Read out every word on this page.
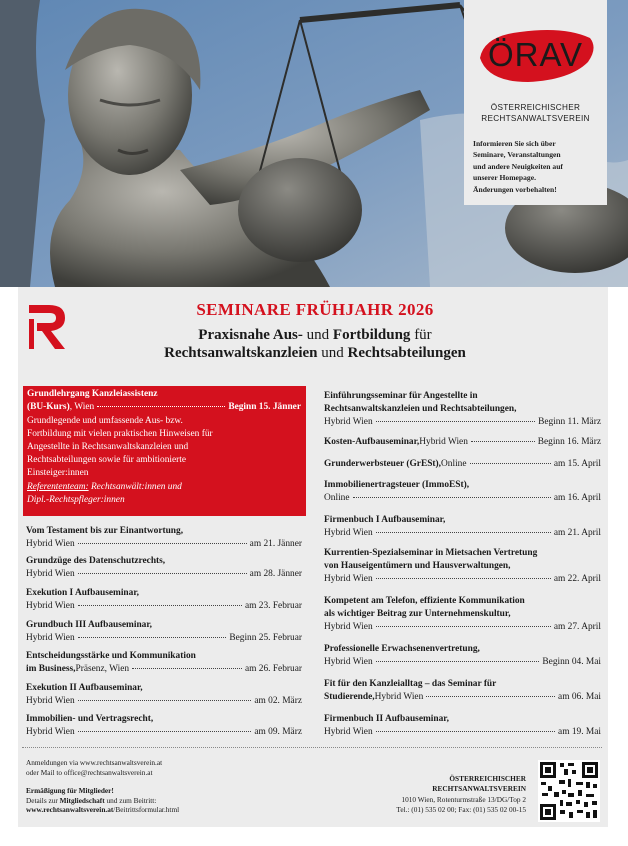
ÖRAV
ÖSTERREICHISCHER
RECHTSANWALTSVEREIN
Informieren Sie sich über
Seminare, Veranstaltungen
und andere Neuigkeiten auf
unserer Homepage.
Änderungen vorbehalten!
SEMINARE FRÜHJAHR 2026
Praxisnahe Aus- und Fortbildung für
Rechtsanwaltskanzleien und Rechtsabteilungen
Grundlehrgang Kanzleiassistenz
(BU-Kurs) , Wien	Beginn 15. Jänner
Grundlegende und umfassende Aus- bzw.
Fortbildung mit vielen praktischen Hinweisen für
Angestellte in Rechtsanwaltskanzleien und
Rechtsabteilungen sowie für ambitionierte
Einsteiger:innen
Referententeam: Rechtsanwält:innen und
Dipl.-Rechtspfleger:innen
Vom Testament bis zur Einantwortung,
Hybrid Wien	am 21. Jänner
Grundzüge des Datenschutzrechts,
Hybrid Wien	am 28. Jänner
Exekution I Aufbauseminar,
Hybrid Wien	am 23. Februar
Grundbuch III Aufbauseminar,
Hybrid Wien	Beginn 25. Februar
Entscheidungsstärke und Kommunikation
im Business, Präsenz, Wien	am 26. Februar
Exekution II Aufbauseminar,
Hybrid Wien	am 02. März
Immobilien- und Vertragsrecht,
Hybrid Wien	am 09. März
Einführungsseminar für Angestellte in
Rechtsanwaltskanzleien und Rechtsabteilungen,
Hybrid Wien	Beginn 11. März
Kosten-Aufbauseminar, Hybrid Wien	Beginn 16. März
Grunderwerbsteuer (GrESt), Online	am 15. April
Immobilienertragsteuer (ImmoESt),
Online	am 16. April
Firmenbuch I Aufbauseminar,
Hybrid Wien	am 21. April
Kurrentien-Spezialseminar in Mietsachen Vertretung
von Hauseigentümern und Hausverwaltungen,
Hybrid Wien	am 22. April
Kompetent am Telefon, effiziente Kommunikation
als wichtiger Beitrag zur Unternehmenskultur,
Hybrid Wien	am 27. April
Professionelle Erwachsenenvertretung,
Hybrid Wien	Beginn 04. Mai
Fit für den Kanzleialltag – das Seminar für
Studierende, Hybrid Wien	am 06. Mai
Firmenbuch II Aufbauseminar,
Hybrid Wien	am 19. Mai
Anmeldungen via www.rechtsanwaltsverein.at
oder Mail to office@rechtsanwaltsverein.at
Ermäßigung für Mitglieder!
Details zur Mitgliedschaft und zum Beitritt:
www.rechtsanwaltsverein.at/Beitrittsformular.html
ÖSTERREICHISCHER
RECHTSANWALTSVEREIN
1010 Wien, Rotenturmstraße 13/DG/Top 2
Tel.: (01) 535 02 00; Fax: (01) 535 02 00-15
